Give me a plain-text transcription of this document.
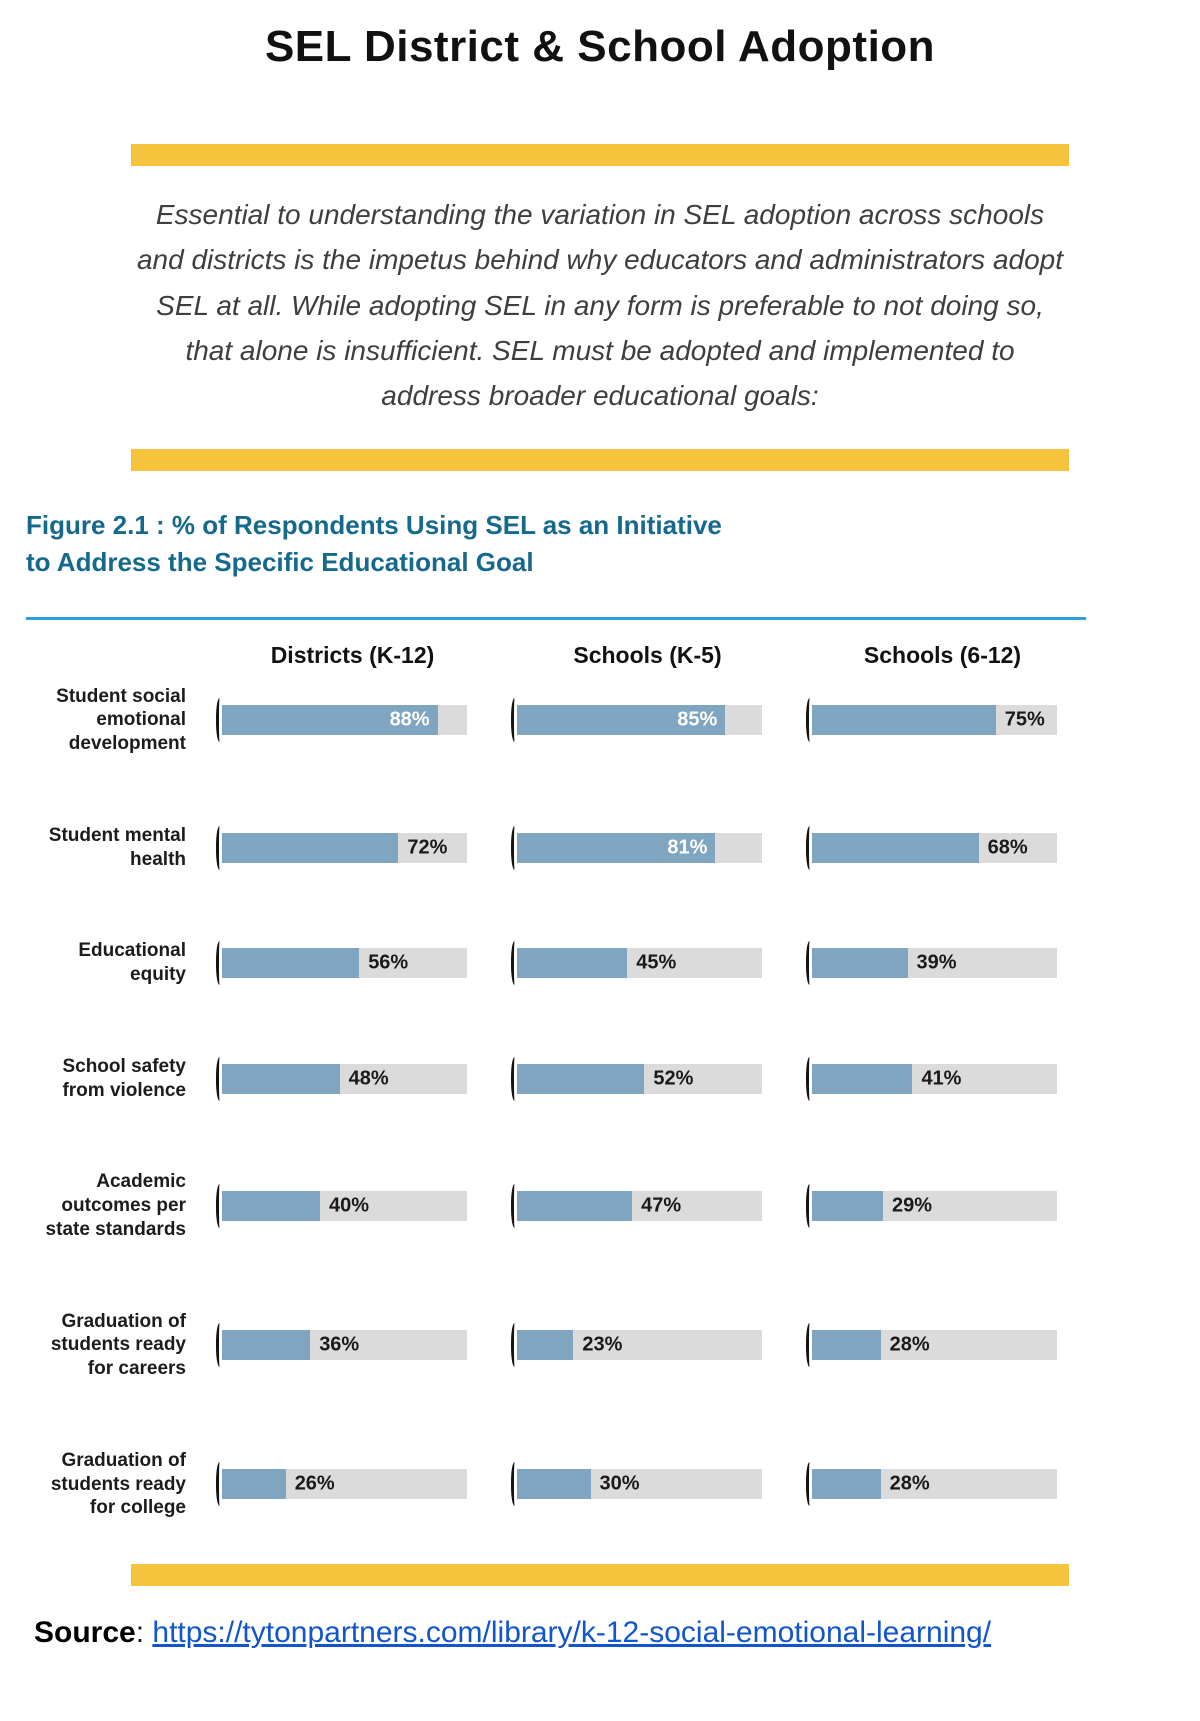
SEL District & School Adoption

Essential to understanding the variation in SEL adoption across schools and districts is the impetus behind why educators and administrators adopt SEL at all. While adopting SEL in any form is preferable to not doing so, that alone is insufficient. SEL must be adopted and implemented to address broader educational goals:

Figure 2.1 : % of Respondents Using SEL as an Initiative
to Address the Specific Educational Goal
Districts (K-12)	Schools (K-5)	Schools (6-12)
Student social emotional development
88%	85%	75%
Student mental health
72%	81%	68%
Educational equity
56%	45%	39%
School safety from violence
48%	52%	41%
Academic outcomes per state standards
40%	47%	29%
Graduation of students ready for careers
36%	23%	28%
Graduation of students ready for college
26%	30%	28%
Source: https://tytonpartners.com/library/k-12-social-emotional-learning/
